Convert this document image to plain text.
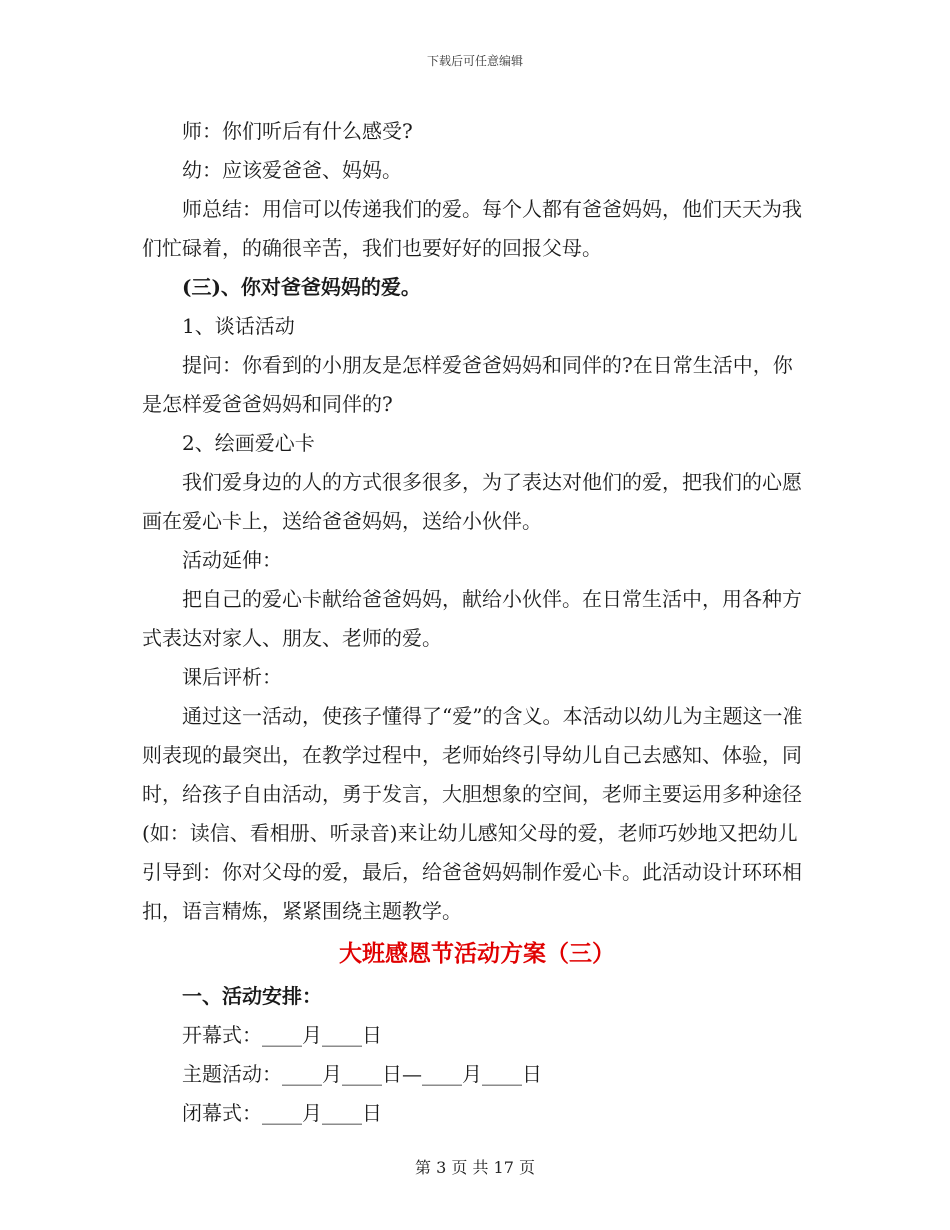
下载后可任意编辑

师：你们听后有什么感受?

幼：应该爱爸爸、妈妈。

师总结：用信可以传递我们的爱。每个人都有爸爸妈妈，他们天天为我们忙碌着，的确很辛苦，我们也要好好的回报父母。

(三)、你对爸爸妈妈的爱。

1、谈话活动

提问：你看到的小朋友是怎样爱爸爸妈妈和同伴的?在日常生活中，你是怎样爱爸爸妈妈和同伴的?

2、绘画爱心卡

我们爱身边的人的方式很多很多，为了表达对他们的爱，把我们的心愿画在爱心卡上，送给爸爸妈妈，送给小伙伴。

活动延伸：

把自己的爱心卡献给爸爸妈妈，献给小伙伴。在日常生活中，用各种方式表达对家人、朋友、老师的爱。

课后评析：

通过这一活动，使孩子懂得了“爱”的含义。本活动以幼儿为主题这一准则表现的最突出，在教学过程中，老师始终引导幼儿自己去感知、体验，同时，给孩子自由活动，勇于发言，大胆想象的空间，老师主要运用多种途径(如：读信、看相册、听录音)来让幼儿感知父母的爱，老师巧妙地又把幼儿引导到：你对父母的爱，最后，给爸爸妈妈制作爱心卡。此活动设计环环相扣，语言精炼，紧紧围绕主题教学。

大班感恩节活动方案（三）

一、活动安排：

开幕式：____月____日

主题活动：____月____日—____月____日

闭幕式：____月____日

第 3 页 共 17 页
